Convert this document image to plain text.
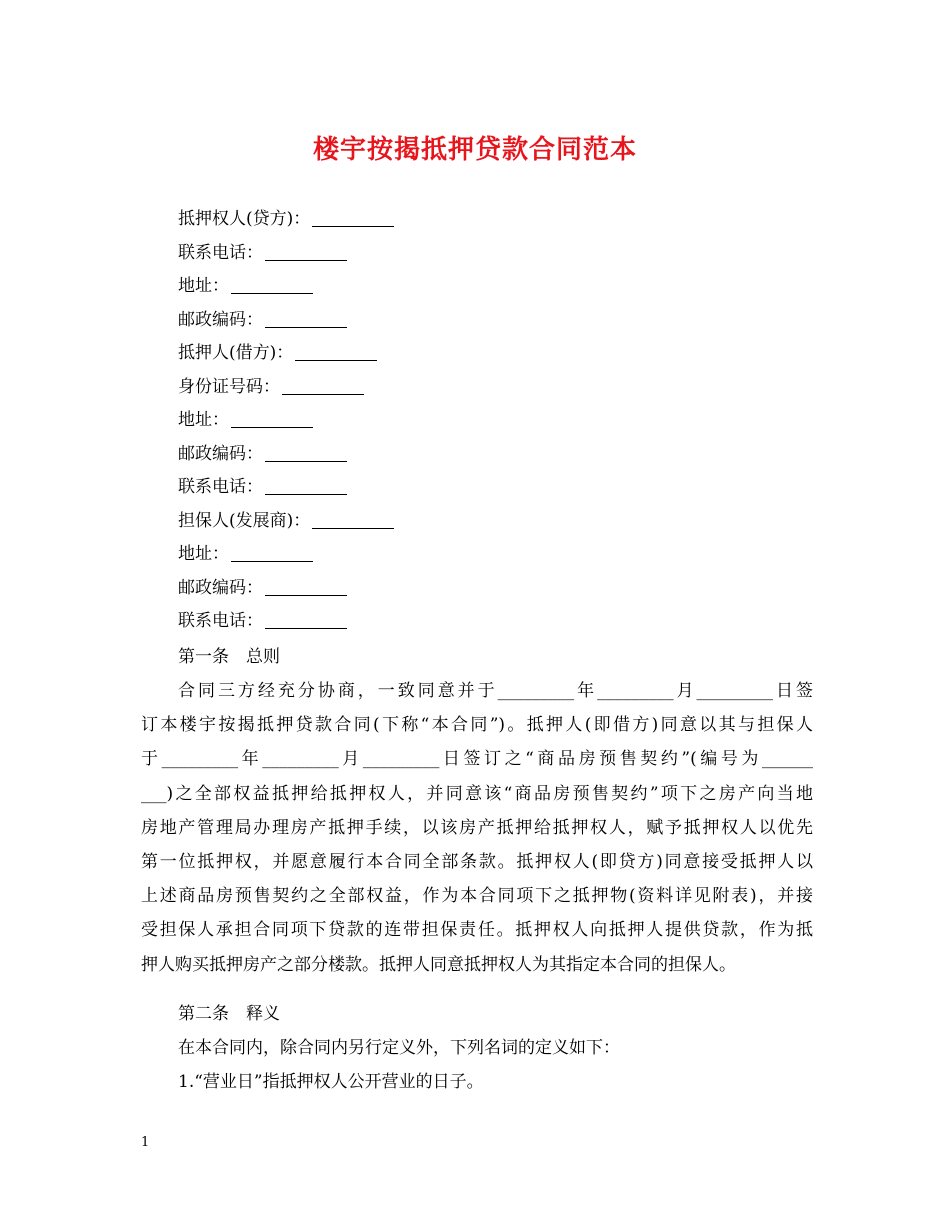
楼宇按揭抵押贷款合同范本
抵押权人(贷方)：
联系电话：
地址：
邮政编码：
抵押人(借方)：
身份证号码：
地址：
邮政编码：
联系电话：
担保人(发展商)：
地址：
邮政编码：
联系电话：
第一条　总则
合同三方经充分协商，一致同意并于_________年_________月_________日签
订本楼宇按揭抵押贷款合同(下称“本合同”)。抵押人(即借方)同意以其与担保人
于_________年_________月_________日签订之“商品房预售契约”(编号为______
___)之全部权益抵押给抵押权人，并同意该“商品房预售契约”项下之房产向当地
房地产管理局办理房产抵押手续，以该房产抵押给抵押权人，赋予抵押权人以优先
第一位抵押权，并愿意履行本合同全部条款。抵押权人(即贷方)同意接受抵押人以
上述商品房预售契约之全部权益，作为本合同项下之抵押物(资料详见附表)，并接
受担保人承担合同项下贷款的连带担保责任。抵押权人向抵押人提供贷款，作为抵
押人购买抵押房产之部分楼款。抵押人同意抵押权人为其指定本合同的担保人。
第二条　释义
在本合同内，除合同内另行定义外，下列名词的定义如下：
1.“营业日”指抵押权人公开营业的日子。
1
